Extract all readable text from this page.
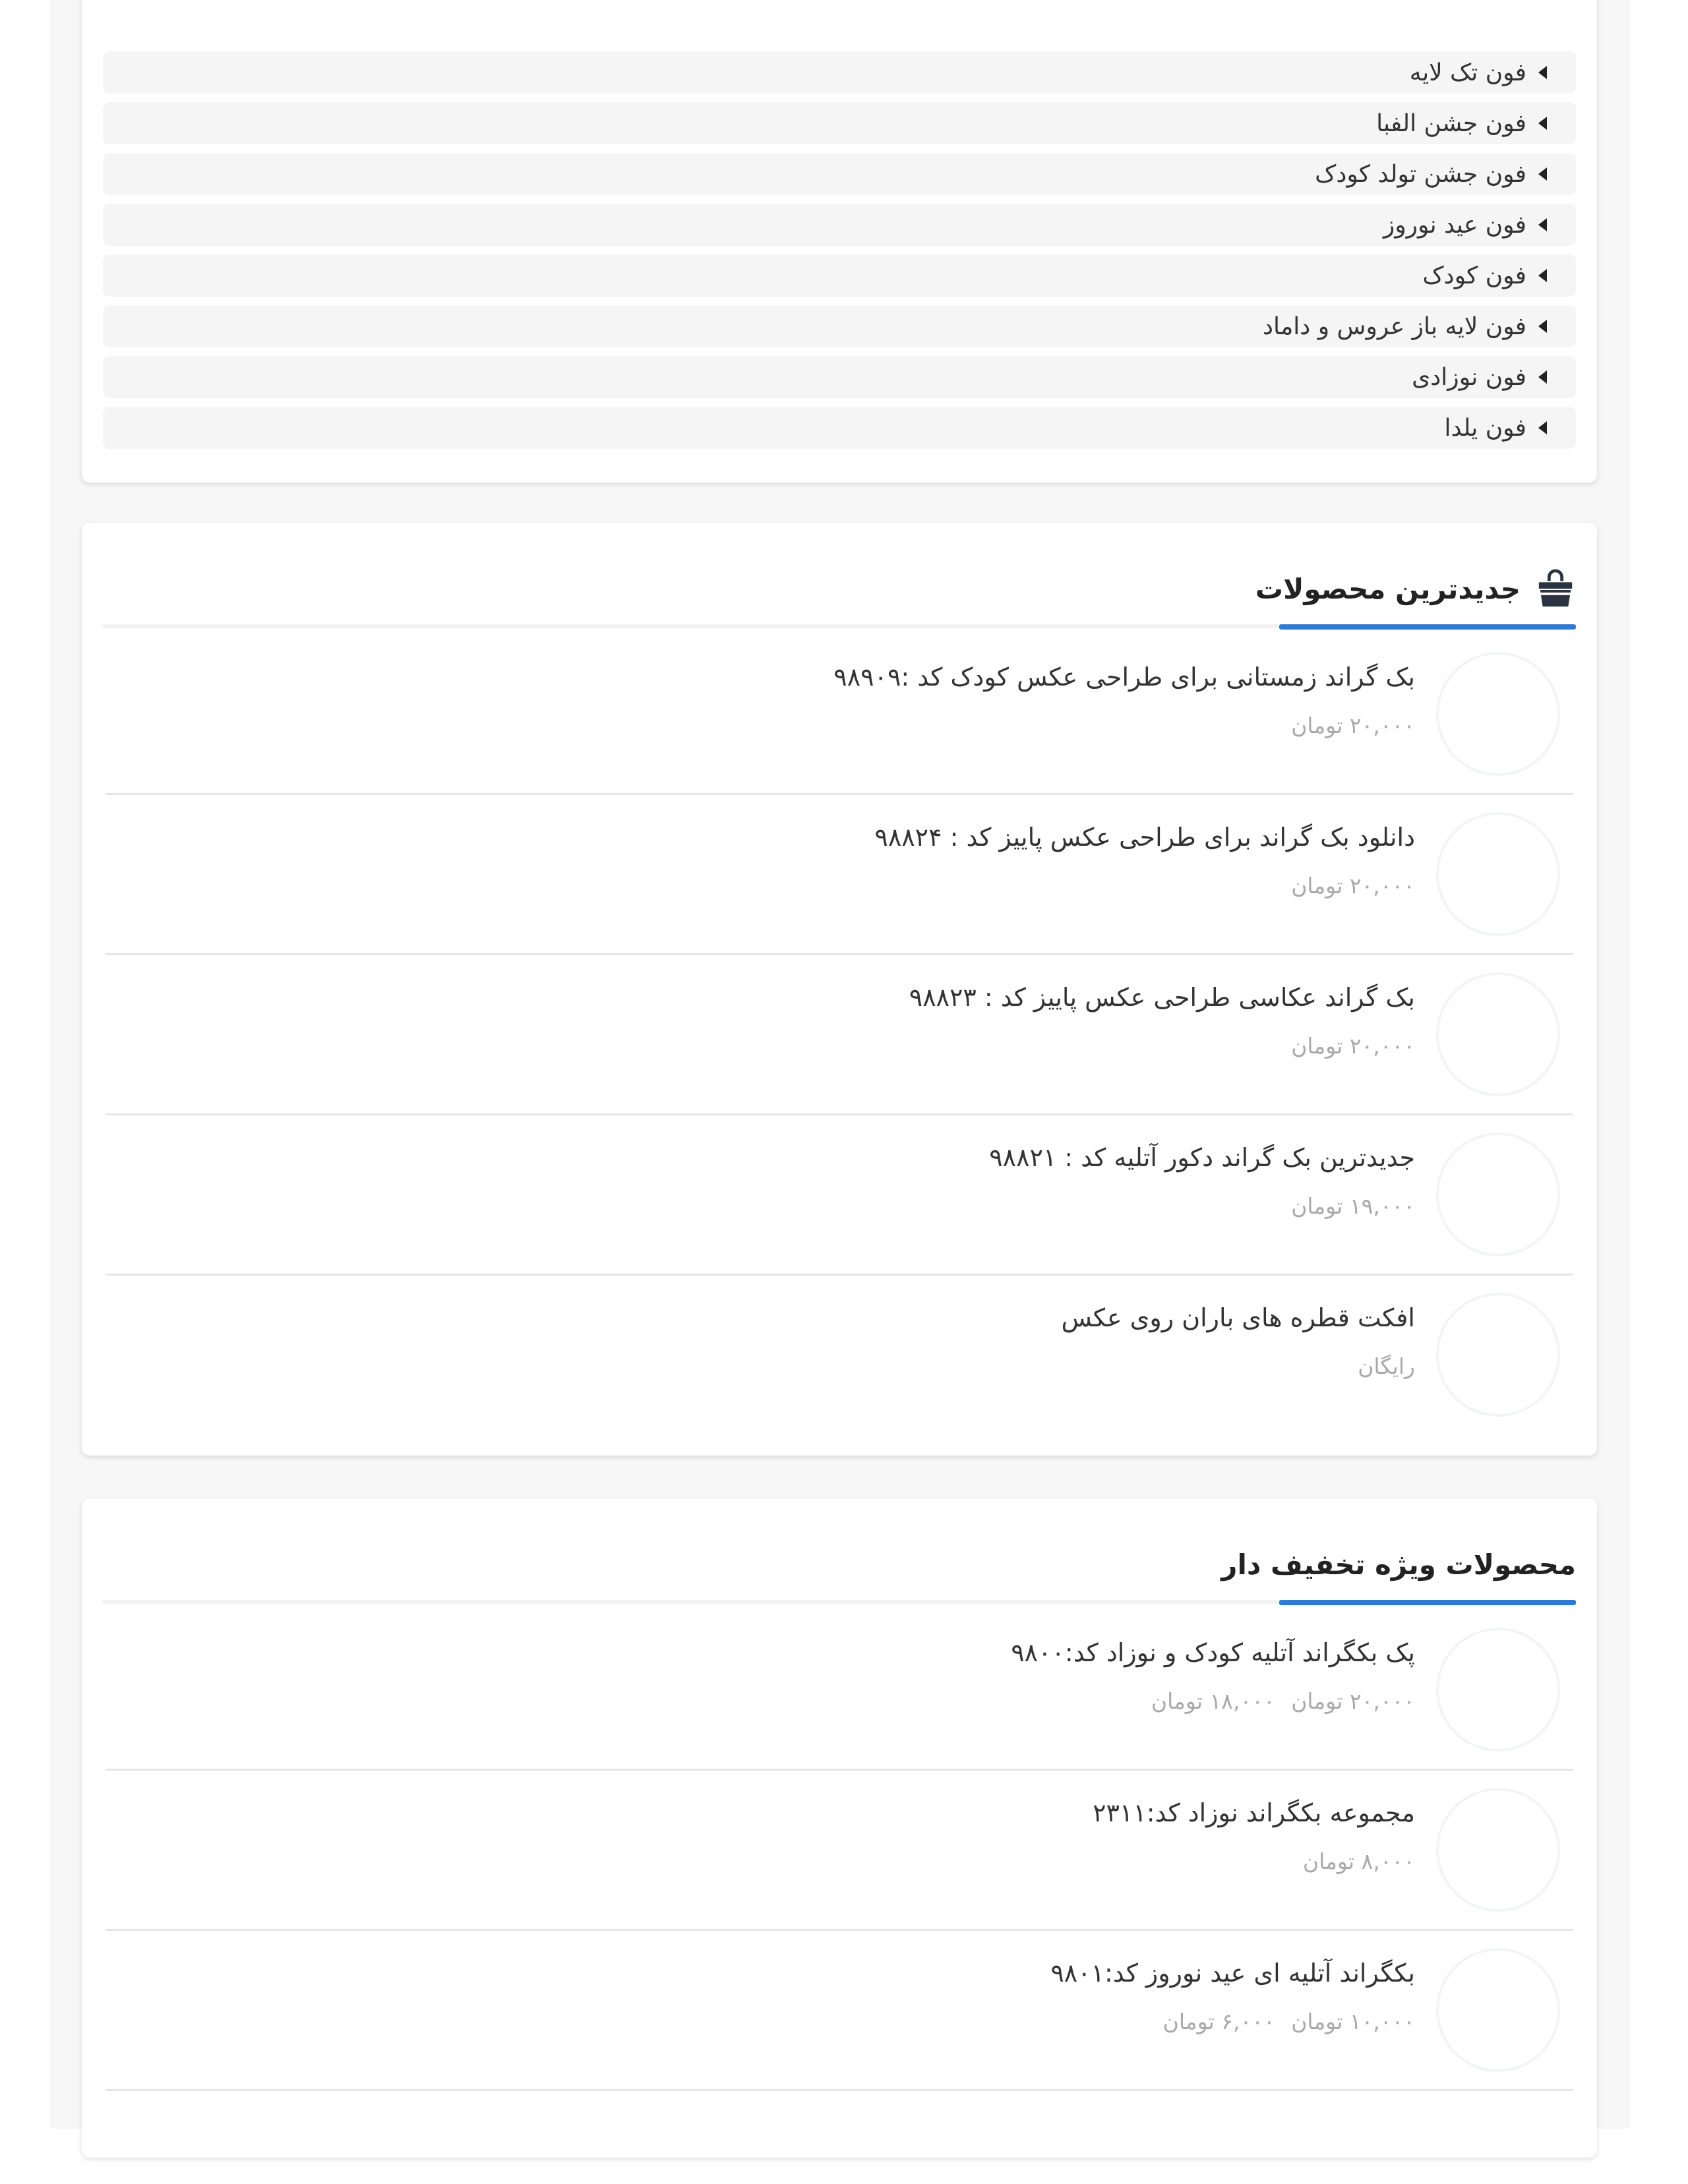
فون تک لایه
فون جشن الفبا
فون جشن تولد کودک
فون عید نوروز
فون کودک
فون لایه باز عروس و داماد
فون نوزادی
فون یلدا
جدیدترین محصولات
بک گراند زمستانی برای طراحی عکس کودک کد :۹۸۹۰۹
۲۰,۰۰۰ تومان
دانلود بک گراند برای طراحی عکس پاییز کد : ۹۸۸۲۴
۲۰,۰۰۰ تومان
بک گراند عکاسی طراحی عکس پاییز کد : ۹۸۸۲۳
۲۰,۰۰۰ تومان
جدیدترین بک گراند دکور آتلیه کد : ۹۸۸۲۱
۱۹,۰۰۰ تومان
افکت قطره های باران روی عکس
رایگان
محصولات ویژه تخفیف دار
پک بکگراند آتلیه کودک و نوزاد کد:۹۸۰۰
۲۰,۰۰۰ تومان ۱۸,۰۰۰ تومان
مجموعه بکگراند نوزاد کد:۲۳۱۱
۸,۰۰۰ تومان
بکگراند آتلیه ای عید نوروز کد:۹۸۰۱
۱۰,۰۰۰ تومان ۶,۰۰۰ تومان
